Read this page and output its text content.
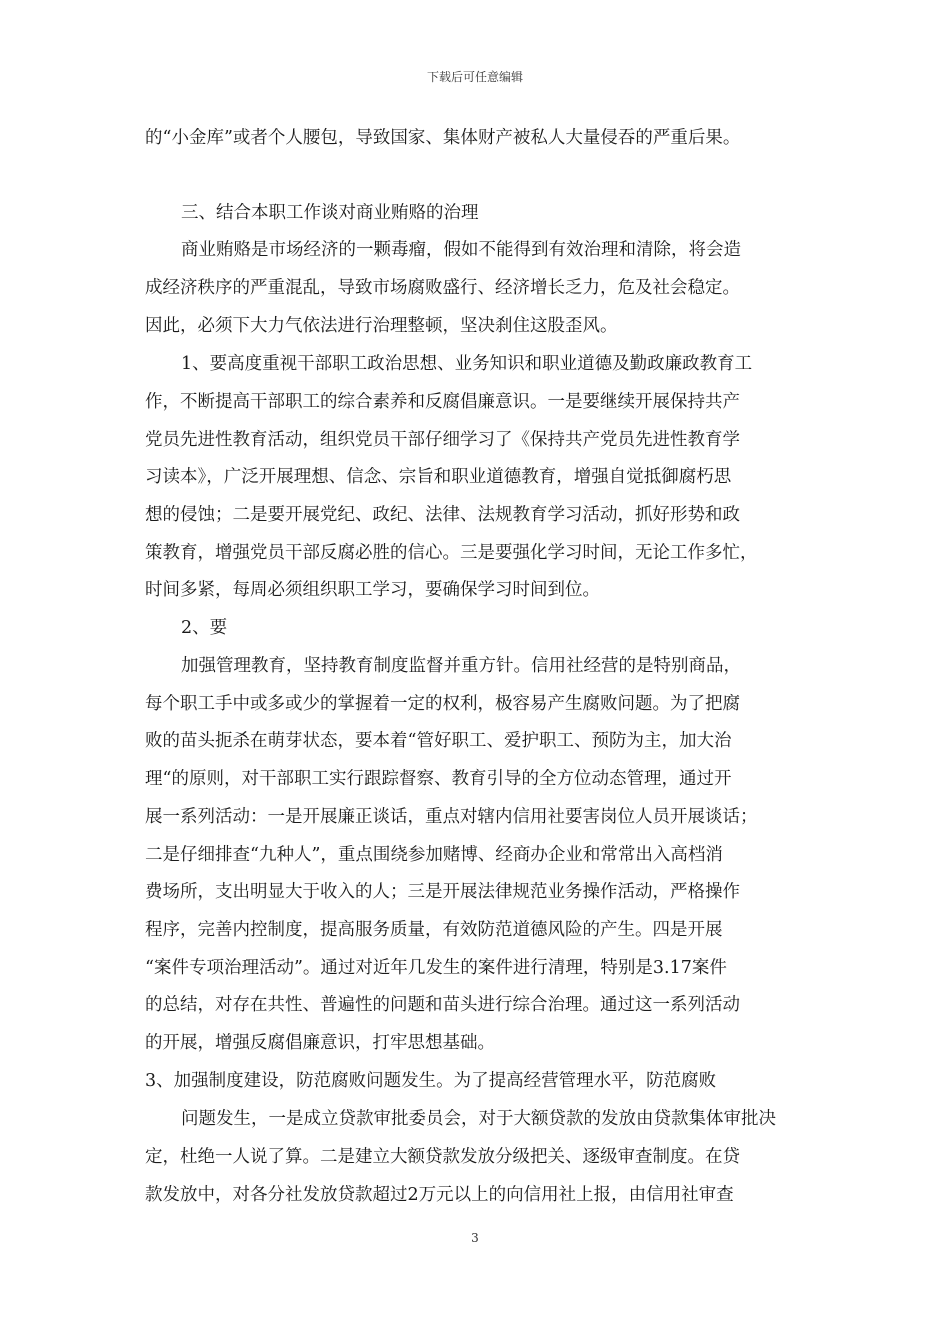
下载后可任意编辑
的“小金库”或者个人腰包，导致国家、集体财产被私人大量侵吞的严重后果。
三、结合本职工作谈对商业贿赂的治理
商业贿赂是市场经济的一颗毒瘤，假如不能得到有效治理和清除，将会造
成经济秩序的严重混乱，导致市场腐败盛行、经济增长乏力，危及社会稳定。
因此，必须下大力气依法进行治理整顿，坚决刹住这股歪风。
1、要高度重视干部职工政治思想、业务知识和职业道德及勤政廉政教育工
作，不断提高干部职工的综合素养和反腐倡廉意识。一是要继续开展保持共产
党员先进性教育活动，组织党员干部仔细学习了《保持共产党员先进性教育学
习读本》，广泛开展理想、信念、宗旨和职业道德教育，增强自觉抵御腐朽思
想的侵蚀；二是要开展党纪、政纪、法律、法规教育学习活动，抓好形势和政
策教育，增强党员干部反腐必胜的信心。三是要强化学习时间，无论工作多忙，
时间多紧，每周必须组织职工学习，要确保学习时间到位。
2、要
加强管理教育，坚持教育制度监督并重方针。信用社经营的是特别商品，
每个职工手中或多或少的掌握着一定的权利，极容易产生腐败问题。为了把腐
败的苗头扼杀在萌芽状态，要本着“管好职工、爱护职工、预防为主，加大治
理“的原则，对干部职工实行跟踪督察、教育引导的全方位动态管理，通过开
展一系列活动：一是开展廉正谈话，重点对辖内信用社要害岗位人员开展谈话；
二是仔细排查“九种人”，重点围绕参加赌博、经商办企业和常常出入高档消
费场所，支出明显大于收入的人；三是开展法律规范业务操作活动，严格操作
程序，完善内控制度，提高服务质量，有效防范道德风险的产生。四是开展
“案件专项治理活动”。通过对近年几发生的案件进行清理，特别是3.17案件
的总结，对存在共性、普遍性的问题和苗头进行综合治理。通过这一系列活动
的开展，增强反腐倡廉意识，打牢思想基础。
3、加强制度建设，防范腐败问题发生。为了提高经营管理水平，防范腐败
问题发生，一是成立贷款审批委员会，对于大额贷款的发放由贷款集体审批决
定，杜绝一人说了算。二是建立大额贷款发放分级把关、逐级审查制度。在贷
款发放中，对各分社发放贷款超过2万元以上的向信用社上报，由信用社审查
3
